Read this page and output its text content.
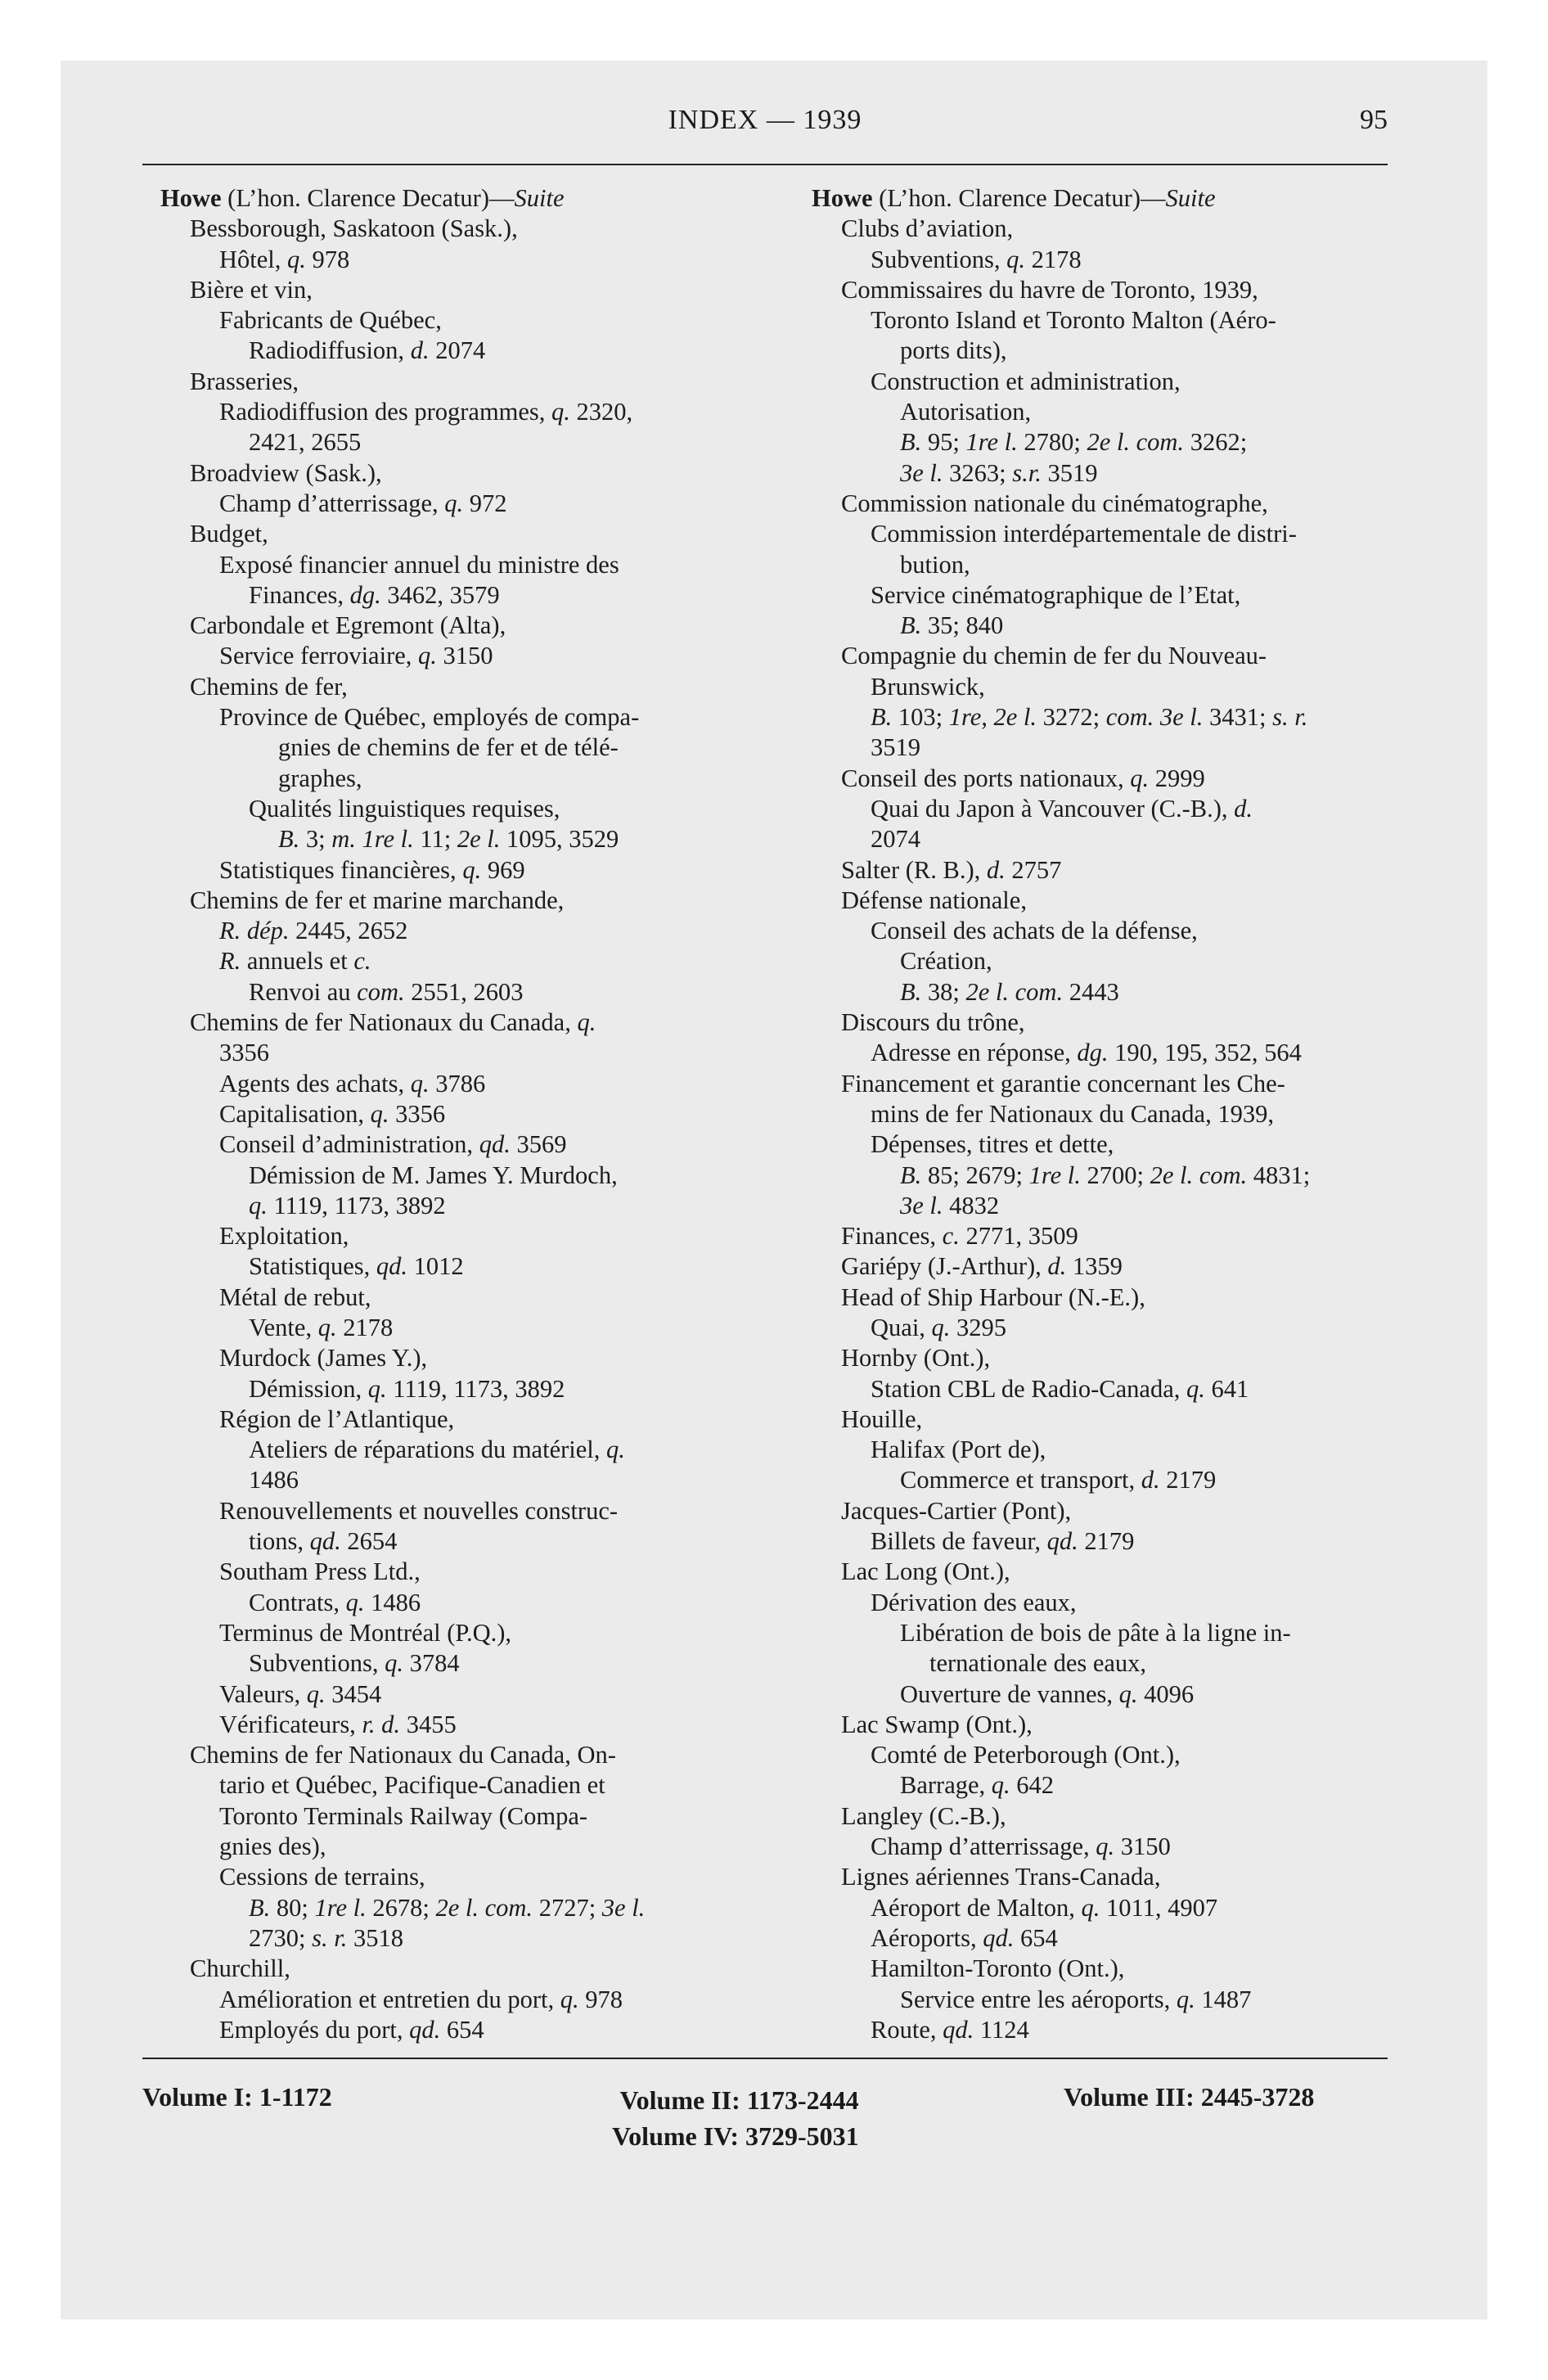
INDEX — 1939	95
Howe (L’hon. Clarence Decatur)—Suite
Bessborough, Saskatoon (Sask.),
Hôtel, q. 978
Bière et vin,
Fabricants de Québec,
Radiodiffusion, d. 2074
Brasseries,
Radiodiffusion des programmes, q. 2320,
2421, 2655
Broadview (Sask.),
Champ d’atterrissage, q. 972
Budget,
Exposé financier annuel du ministre des
Finances, dg. 3462, 3579
Carbondale et Egremont (Alta),
Service ferroviaire, q. 3150
Chemins de fer,
Province de Québec, employés de compa-
gnies de chemins de fer et de télé-
graphes,
Qualités linguistiques requises,
B. 3; m. 1re l. 11; 2e l. 1095, 3529
Statistiques financières, q. 969
Chemins de fer et marine marchande,
R. dép. 2445, 2652
R. annuels et c.
Renvoi au com. 2551, 2603
Chemins de fer Nationaux du Canada, q.
3356
Agents des achats, q. 3786
Capitalisation, q. 3356
Conseil d’administration, qd. 3569
Démission de M. James Y. Murdoch,
q. 1119, 1173, 3892
Exploitation,
Statistiques, qd. 1012
Métal de rebut,
Vente, q. 2178
Murdock (James Y.),
Démission, q. 1119, 1173, 3892
Région de l’Atlantique,
Ateliers de réparations du matériel, q.
1486
Renouvellements et nouvelles construc-
tions, qd. 2654
Southam Press Ltd.,
Contrats, q. 1486
Terminus de Montréal (P.Q.),
Subventions, q. 3784
Valeurs, q. 3454
Vérificateurs, r. d. 3455
Chemins de fer Nationaux du Canada, On-
tario et Québec, Pacifique-Canadien et
Toronto Terminals Railway (Compa-
gnies des),
Cessions de terrains,
B. 80; 1re l. 2678; 2e l. com. 2727; 3e l.
2730; s. r. 3518
Churchill,
Amélioration et entretien du port, q. 978
Employés du port, qd. 654
Howe (L’hon. Clarence Decatur)—Suite
Clubs d’aviation,
Subventions, q. 2178
Commissaires du havre de Toronto, 1939,
Toronto Island et Toronto Malton (Aéro-
ports dits),
Construction et administration,
Autorisation,
B. 95; 1re l. 2780; 2e l. com. 3262;
3e l. 3263; s.r. 3519
Commission nationale du cinématographe,
Commission interdépartementale de distri-
bution,
Service cinématographique de l’Etat,
B. 35; 840
Compagnie du chemin de fer du Nouveau-
Brunswick,
B. 103; 1re, 2e l. 3272; com. 3e l. 3431; s. r.
3519
Conseil des ports nationaux, q. 2999
Quai du Japon à Vancouver (C.-B.), d.
2074
Salter (R. B.), d. 2757
Défense nationale,
Conseil des achats de la défense,
Création,
B. 38; 2e l. com. 2443
Discours du trône,
Adresse en réponse, dg. 190, 195, 352, 564
Financement et garantie concernant les Che-
mins de fer Nationaux du Canada, 1939,
Dépenses, titres et dette,
B. 85; 2679; 1re l. 2700; 2e l. com. 4831;
3e l. 4832
Finances, c. 2771, 3509
Gariépy (J.-Arthur), d. 1359
Head of Ship Harbour (N.-E.),
Quai, q. 3295
Hornby (Ont.),
Station CBL de Radio-Canada, q. 641
Houille,
Halifax (Port de),
Commerce et transport, d. 2179
Jacques-Cartier (Pont),
Billets de faveur, qd. 2179
Lac Long (Ont.),
Dérivation des eaux,
Libération de bois de pâte à la ligne in-
ternationale des eaux,
Ouverture de vannes, q. 4096
Lac Swamp (Ont.),
Comté de Peterborough (Ont.),
Barrage, q. 642
Langley (C.-B.),
Champ d’atterrissage, q. 3150
Lignes aériennes Trans-Canada,
Aéroport de Malton, q. 1011, 4907
Aéroports, qd. 654
Hamilton-Toronto (Ont.),
Service entre les aéroports, q. 1487
Route, qd. 1124
Volume I: 1-1172	Volume II: 1173-2444
Volume IV: 3729-5031
Volume III: 2445-3728
